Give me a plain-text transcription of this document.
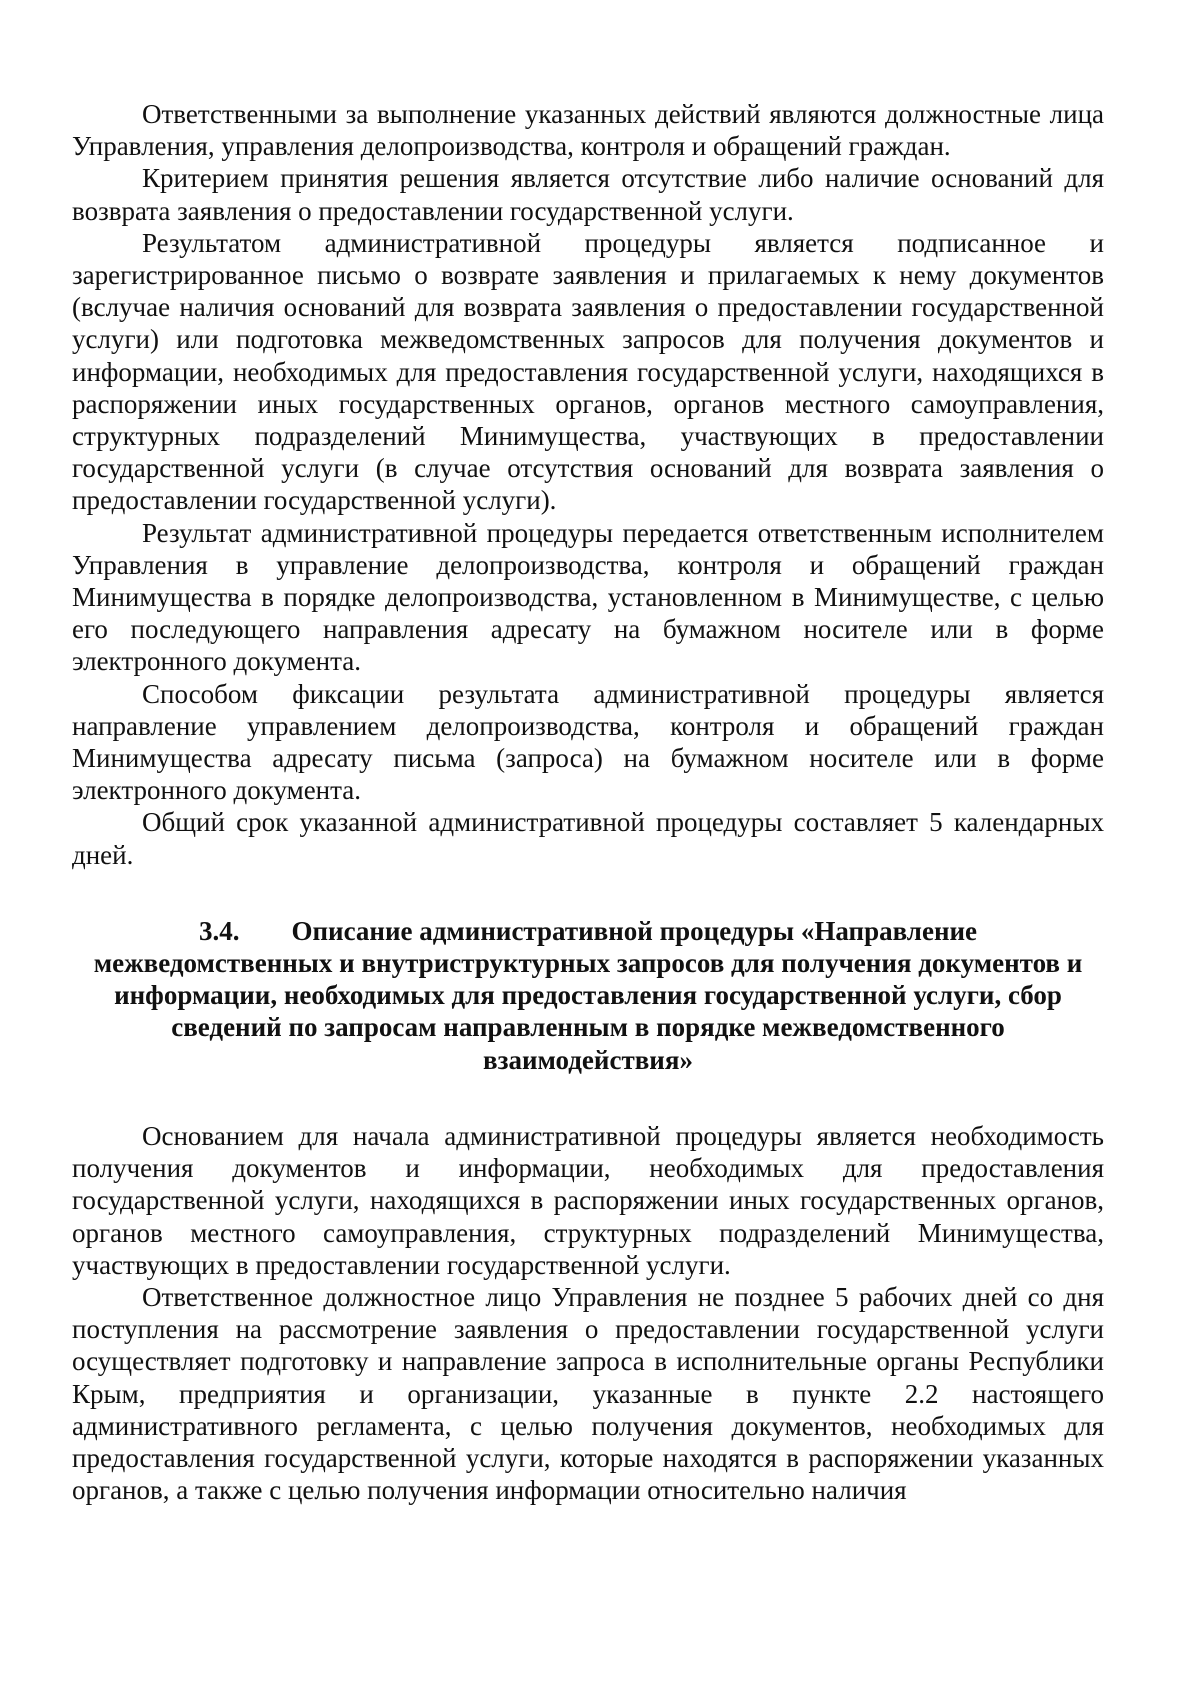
Ответственными за выполнение указанных действий являются должностные лица Управления, управления делопроизводства, контроля и обращений граждан.

Критерием принятия решения является отсутствие либо наличие оснований для возврата заявления о предоставлении государственной услуги.

Результатом административной процедуры является подписанное и зарегистрированное письмо о возврате заявления и прилагаемых к нему документов (вслучае наличия оснований для возврата заявления о предоставлении государственной услуги) или подготовка межведомственных запросов для получения документов и информации, необходимых для предоставления государственной услуги, находящихся в распоряжении иных государственных органов, органов местного самоуправления, структурных подразделений Минимущества, участвующих в предоставлении государственной услуги (в случае отсутствия оснований для возврата заявления о предоставлении государственной услуги).

Результат административной процедуры передается ответственным исполнителем Управления в управление делопроизводства, контроля и обращений граждан Минимущества в порядке делопроизводства, установленном в Минимуществе, с целью его последующего направления адресату на бумажном носителе или в форме электронного документа.

Способом фиксации результата административной процедуры является направление управлением делопроизводства, контроля и обращений граждан Минимущества адресату письма (запроса) на бумажном носителе или в форме электронного документа.

Общий срок указанной административной процедуры составляет 5 календарных дней.

3.4. Описание административной процедуры «Направление межведомственных и внутриструктурных запросов для получения документов и информации, необходимых для предоставления государственной услуги, сбор сведений по запросам направленным в порядке межведомственного взаимодействия»

Основанием для начала административной процедуры является необходимость получения документов и информации, необходимых для предоставления государственной услуги, находящихся в распоряжении иных государственных органов, органов местного самоуправления, структурных подразделений Минимущества, участвующих в предоставлении государственной услуги.

Ответственное должностное лицо Управления не позднее 5 рабочих дней со дня поступления на рассмотрение заявления о предоставлении государственной услуги осуществляет подготовку и направление запроса в исполнительные органы Республики Крым, предприятия и организации, указанные в пункте 2.2 настоящего административного регламента, с целью получения документов, необходимых для предоставления государственной услуги, которые находятся в распоряжении указанных органов, а также с целью получения информации относительно наличия
